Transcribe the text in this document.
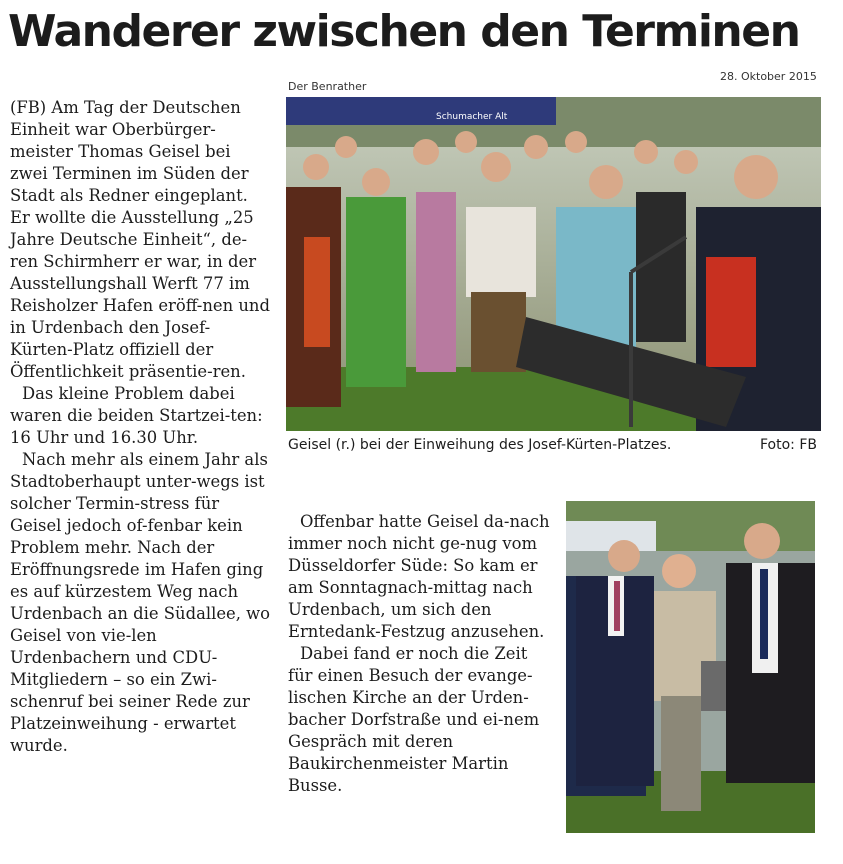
Wanderer zwischen den Terminen
Der Benrather
28. Oktober 2015

(FB) Am Tag der Deutschen Einheit war Oberbürger-meister Thomas Geisel bei zwei Terminen im Süden der Stadt als Redner eingeplant. Er wollte die Ausstellung „25 Jahre Deutsche Einheit“, de-ren Schirmherr er war, in der Ausstellungshall Werft 77 im Reisholzer Hafen eröff-nen und in Urdenbach den Josef-Kürten-Platz offiziell der Öffentlichkeit präsentie-ren.

Das kleine Problem dabei waren die beiden Startzei-ten: 16 Uhr und 16.30 Uhr.

Nach mehr als einem Jahr als Stadtoberhaupt unter-wegs ist solcher Termin-stress für Geisel jedoch of-fenbar kein Problem mehr. Nach der Eröffnungsrede im Hafen ging es auf kürzestem Weg nach Urdenbach an die Südallee, wo Geisel von vie-len Urdenbachern und CDU-Mitgliedern – so ein Zwi-schenruf bei seiner Rede zur Platzeinweihung - erwartet wurde.

Schumacher Alt
Geisel (r.) bei der Einweihung des Josef-Kürten-Platzes.	Foto: FB

Offenbar hatte Geisel da-nach immer noch nicht ge-nug vom Düsseldorfer Süde: So kam er am Sonntagnach-mittag nach Urdenbach, um sich den Erntedank-Festzug anzusehen.

Dabei fand er noch die Zeit für einen Besuch der evange-lischen Kirche an der Urden-bacher Dorfstraße und ei-nem Gespräch mit deren Baukirchenmeister Martin Busse.
